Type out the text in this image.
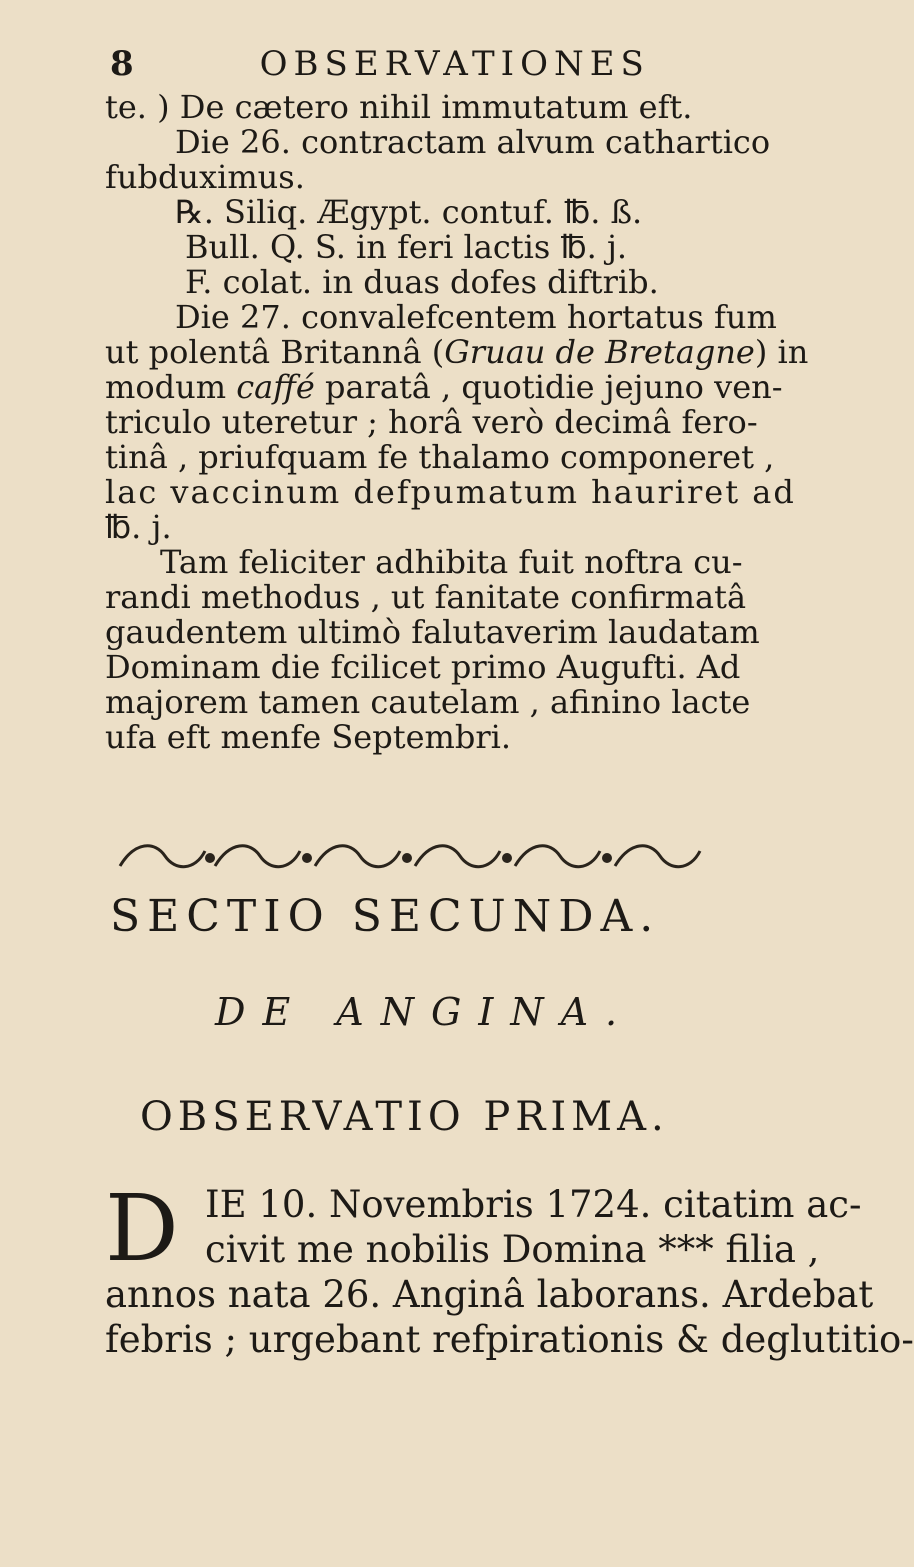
8	OBSERVATIONES
te. ) De cætero nihil immutatum eft.
Die 26. contractam alvum cathartico
fubduximus.
℞. Siliq. Ægypt. contuf. ℔. ß.
Bull. Q. S. in feri lactis ℔. j.
F. colat. in duas dofes diftrib.
Die 27. convalefcentem hortatus fum
ut polentâ Britannâ (Gruau de Bretagne) in
modum caffé paratâ , quotidie jejuno ven-
triculo uteretur ; horâ verò decimâ fero-
tinâ , priufquam fe thalamo componeret ,
lac vaccinum defpumatum hauriret ad
℔. j.
Tam feliciter adhibita fuit noftra cu-
randi methodus , ut fanitate confirmatâ
gaudentem ultimò falutaverim laudatam
SECTIO SECUNDA.
DE ANGINA.
OBSERVATIO PRIMA.
D IE 10. Novembris 1724. citatim ac-
civit me nobilis Domina *** filia ,
annos nata 26. Anginâ laborans. Ardebat
febris ; urgebant refpirationis & deglutitio-
Dominam die fcilicet primo Augufti. Ad
majorem tamen cautelam , afinino lacte
ufa eft menfe Septembri.
